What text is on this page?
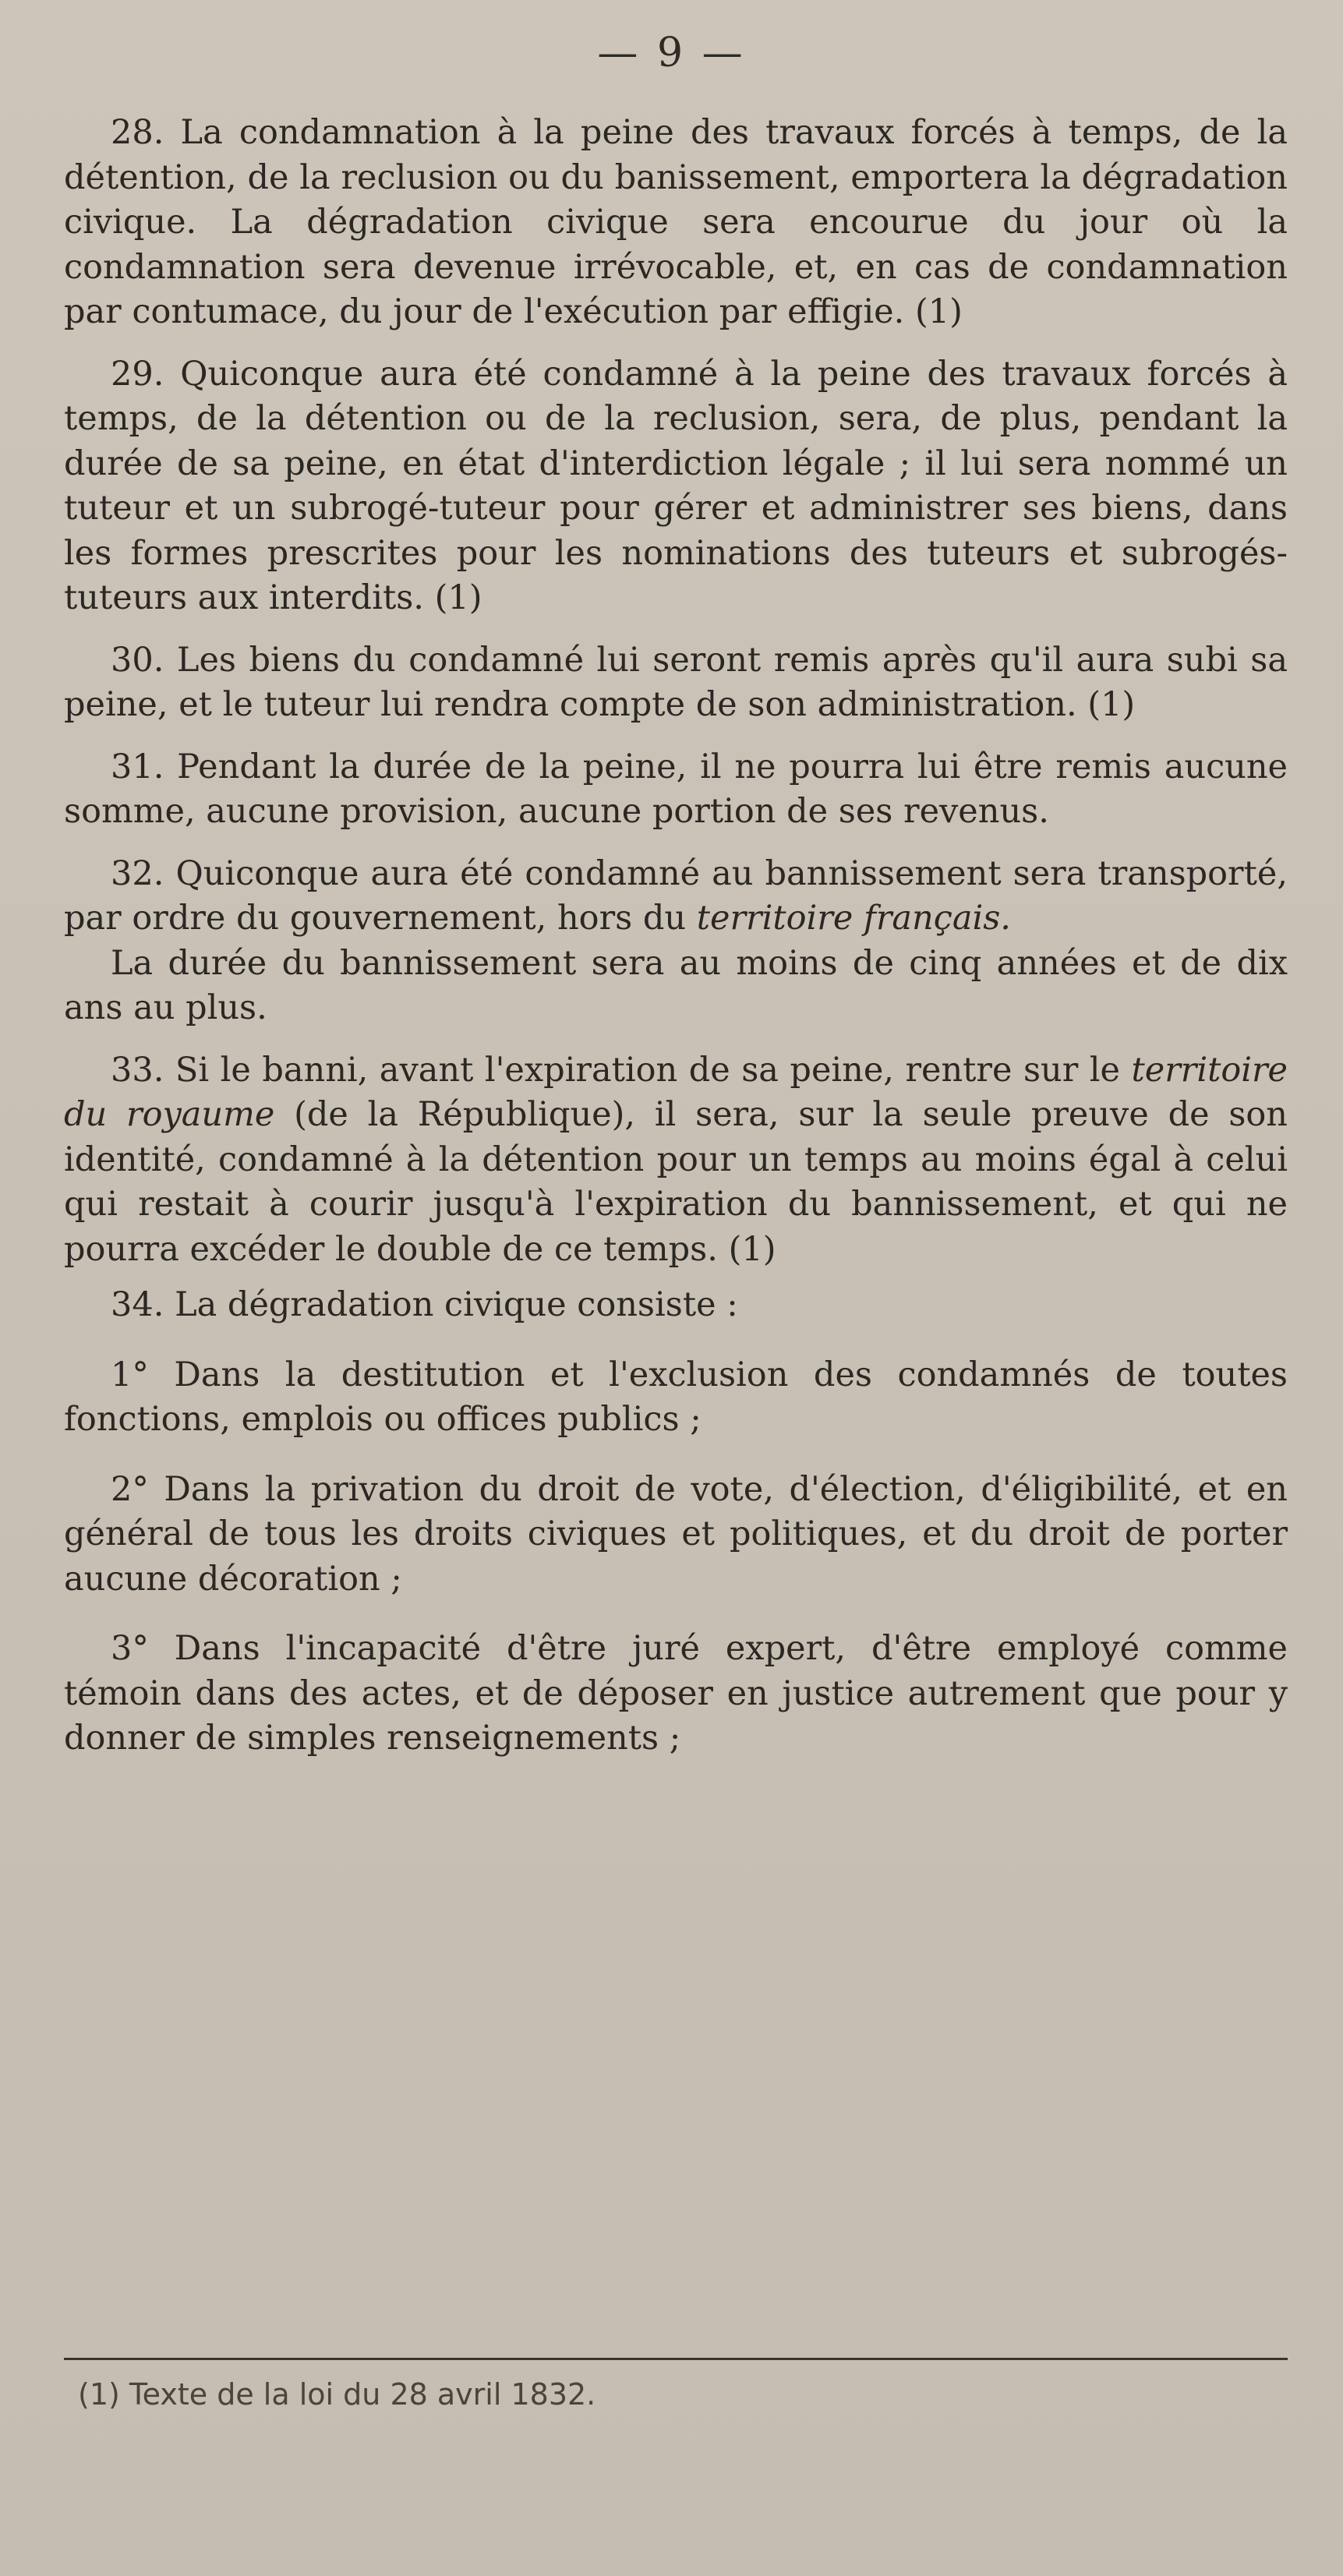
— 9 —

28. La condamnation à la peine des travaux forcés à temps, de la détention, de la reclusion ou du banissement, emportera la dégradation civique. La dégradation civique sera encourue du jour où la condamnation sera devenue irrévocable, et, en cas de condamnation par contumace, du jour de l'exécution par effigie. (1)

29. Quiconque aura été condamné à la peine des travaux forcés à temps, de la détention ou de la reclusion, sera, de plus, pendant la durée de sa peine, en état d'interdiction légale ; il lui sera nommé un tuteur et un subrogé-tuteur pour gérer et administrer ses biens, dans les formes prescrites pour les nominations des tuteurs et subrogés-tuteurs aux interdits. (1)

30. Les biens du condamné lui seront remis après qu'il aura subi sa peine, et le tuteur lui rendra compte de son administration. (1)

31. Pendant la durée de la peine, il ne pourra lui être remis aucune somme, aucune provision, aucune portion de ses revenus.

32. Quiconque aura été condamné au bannissement sera transporté, par ordre du gouvernement, hors du territoire français.

La durée du bannissement sera au moins de cinq années et de dix ans au plus.

33. Si le banni, avant l'expiration de sa peine, rentre sur le territoire du royaume (de la République), il sera, sur la seule preuve de son identité, condamné à la détention pour un temps au moins égal à celui qui restait à courir jusqu'à l'expiration du bannissement, et qui ne pourra excéder le double de ce temps. (1)

34. La dégradation civique consiste :

1° Dans la destitution et l'exclusion des condamnés de toutes fonctions, emplois ou offices publics ;

2° Dans la privation du droit de vote, d'élection, d'éligibilité, et en général de tous les droits civiques et politiques, et du droit de porter aucune décoration ;

3° Dans l'incapacité d'être juré expert, d'être employé comme témoin dans des actes, et de déposer en justice autrement que pour y donner de simples renseignements ;

(1) Texte de la loi du 28 avril 1832.
